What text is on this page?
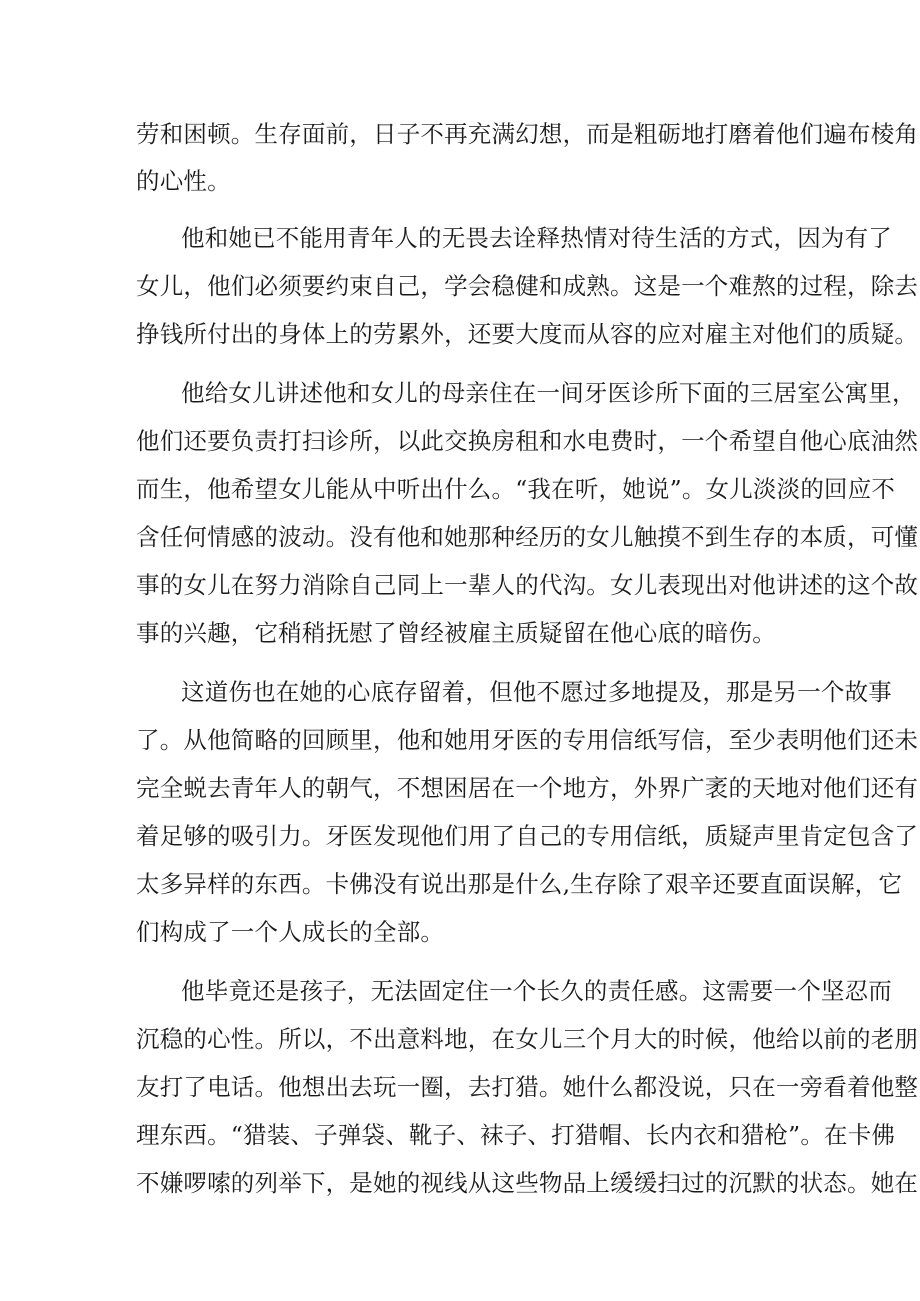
劳和困顿。生存面前，日子不再充满幻想，而是粗砺地打磨着他们遍布棱角
的心性。
他和她已不能用青年人的无畏去诠释热情对待生活的方式，因为有了
女儿，他们必须要约束自己，学会稳健和成熟。这是一个难熬的过程，除去
挣钱所付出的身体上的劳累外，还要大度而从容的应对雇主对他们的质疑。
他给女儿讲述他和女儿的母亲住在一间牙医诊所下面的三居室公寓里，
他们还要负责打扫诊所，以此交换房租和水电费时，一个希望自他心底油然
而生，他希望女儿能从中听出什么。“我在听，她说”。女儿淡淡的回应不
含任何情感的波动。没有他和她那种经历的女儿触摸不到生存的本质，可懂
事的女儿在努力消除自己同上一辈人的代沟。女儿表现出对他讲述的这个故
事的兴趣，它稍稍抚慰了曾经被雇主质疑留在他心底的暗伤。
这道伤也在她的心底存留着，但他不愿过多地提及，那是另一个故事
了。从他简略的回顾里，他和她用牙医的专用信纸写信，至少表明他们还未
完全蜕去青年人的朝气，不想困居在一个地方，外界广袤的天地对他们还有
着足够的吸引力。牙医发现他们用了自己的专用信纸，质疑声里肯定包含了
太多异样的东西。卡佛没有说出那是什么,生存除了艰辛还要直面误解，它
们构成了一个人成长的全部。
他毕竟还是孩子，无法固定住一个长久的责任感。这需要一个坚忍而
沉稳的心性。所以，不出意料地，在女儿三个月大的时候，他给以前的老朋
友打了电话。他想出去玩一圈，去打猎。她什么都没说，只在一旁看着他整
理东西。“猎装、子弹袋、靴子、袜子、打猎帽、长内衣和猎枪”。在卡佛
不嫌啰嗦的列举下，是她的视线从这些物品上缓缓扫过的沉默的状态。她在
